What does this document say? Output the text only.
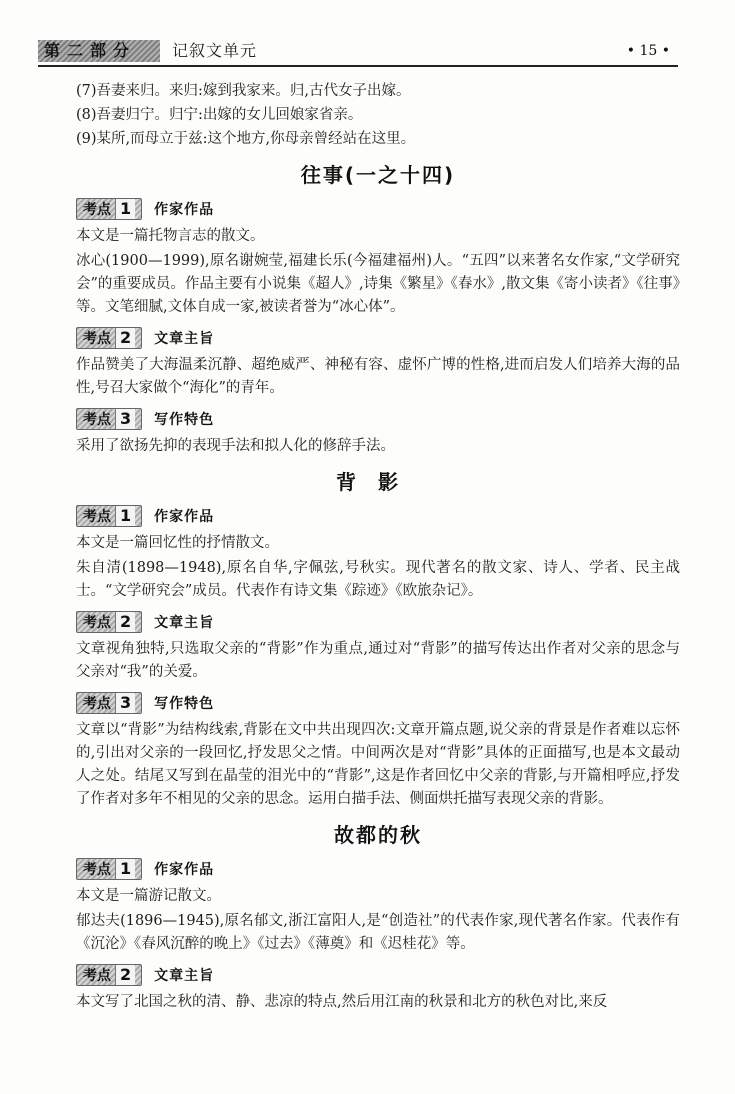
第二部分 记叙文单元	• 15 •

(7)吾妻来归。来归:嫁到我家来。归,古代女子出嫁。

(8)吾妻归宁。归宁:出嫁的女儿回娘家省亲。

(9)某所,而母立于兹:这个地方,你母亲曾经站在这里。

往事(一之十四)
考点 1 作家作品

本文是一篇托物言志的散文。

冰心(1900—1999),原名谢婉莹,福建长乐(今福建福州)人。“五四”以来著名女作家,“文学研究会”的重要成员。作品主要有小说集《超人》,诗集《繁星》《春水》,散文集《寄小读者》《往事》等。文笔细腻,文体自成一家,被读者誉为“冰心体”。

考点 2 文章主旨

作品赞美了大海温柔沉静、超绝威严、神秘有容、虚怀广博的性格,进而启发人们培养大海的品性,号召大家做个“海化”的青年。

考点 3 写作特色

采用了欲扬先抑的表现手法和拟人化的修辞手法。

背影
考点 1 作家作品

本文是一篇回忆性的抒情散文。

朱自清(1898—1948),原名自华,字佩弦,号秋实。现代著名的散文家、诗人、学者、民主战士。“文学研究会”成员。代表作有诗文集《踪迹》《欧旅杂记》。

考点 2 文章主旨

文章视角独特,只选取父亲的“背影”作为重点,通过对“背影”的描写传达出作者对父亲的思念与父亲对“我”的关爱。

考点 3 写作特色

文章以“背影”为结构线索,背影在文中共出现四次:文章开篇点题,说父亲的背景是作者难以忘怀的,引出对父亲的一段回忆,抒发思父之情。中间两次是对“背影”具体的正面描写,也是本文最动人之处。结尾又写到在晶莹的泪光中的“背影”,这是作者回忆中父亲的背影,与开篇相呼应,抒发了作者对多年不相见的父亲的思念。运用白描手法、侧面烘托描写表现父亲的背影。

故都的秋
考点 1 作家作品

本文是一篇游记散文。

郁达夫(1896—1945),原名郁文,浙江富阳人,是“创造社”的代表作家,现代著名作家。代表作有《沉沦》《春风沉醉的晚上》《过去》《薄奠》和《迟桂花》等。

考点 2 文章主旨

本文写了北国之秋的清、静、悲凉的特点,然后用江南的秋景和北方的秋色对比,来反
